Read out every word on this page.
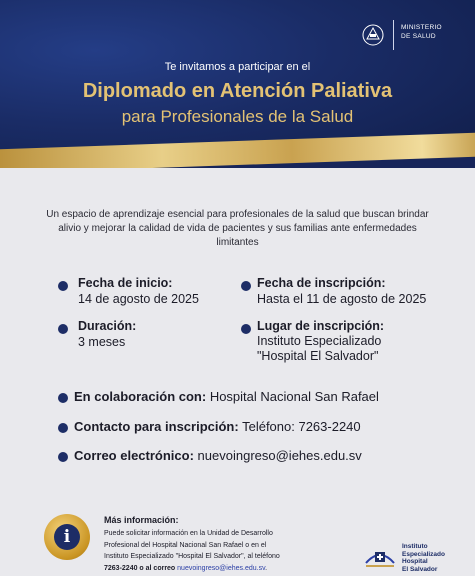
MINISTERIO
DE SALUD
Te invitamos a participar en el
Diplomado en Atención Paliativa
para Profesionales de la Salud
Un espacio de aprendizaje esencial para profesionales de la salud que buscan brindar alivio y mejorar la calidad de vida de pacientes y sus familias ante enfermedades limitantes
Fecha de inicio:
14 de agosto de 2025
Fecha de inscripción:
Hasta el 11 de agosto de 2025
Duración:
3 meses
Lugar de inscripción:
Instituto Especializado
"Hospital El Salvador"
En colaboración con: Hospital Nacional San Rafael
Contacto para inscripción: Teléfono: 7263-2240
Correo electrónico: nuevoingreso@iehes.edu.sv
i
Más información:
Puede solicitar información en la Unidad de Desarrollo
Profesional del Hospital Nacional San Rafael o en el
Instituto Especializado "Hospital El Salvador", al teléfono
7263-2240 o al correo nuevoingreso@iehes.edu.sv.
Instituto
Especializado
Hospital
El Salvador
